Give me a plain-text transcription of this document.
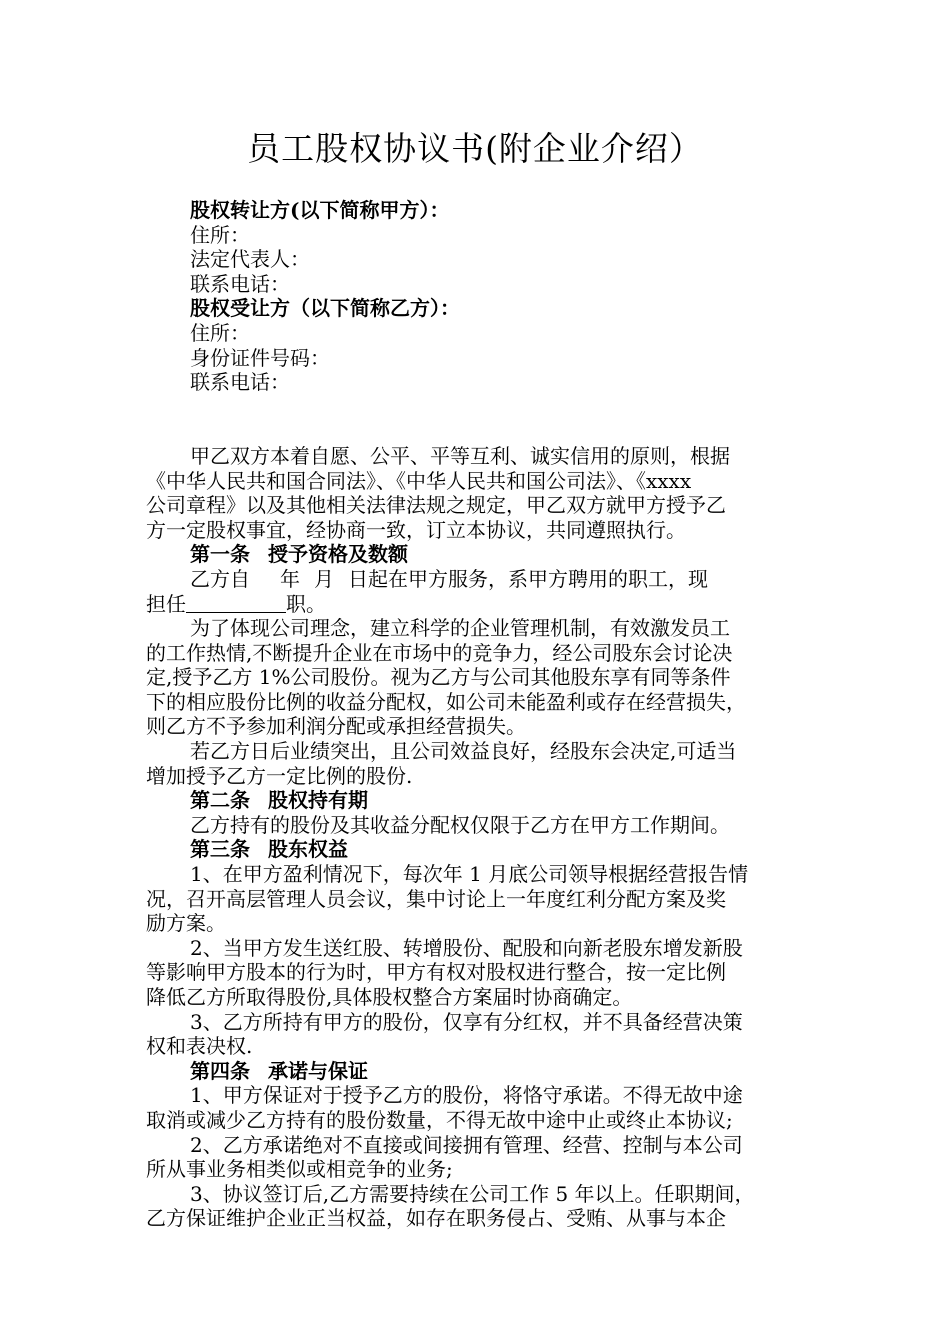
员工股权协议书(附企业介绍）
股权转让方(以下简称甲方）：
住所：
法定代表人：
联系电话：
股权受让方（以下简称乙方）：
住所：
身份证件号码：
联系电话：
甲乙双方本着自愿、公平、平等互利、诚实信用的原则，根据
《中华人民共和国合同法》、《中华人民共和国公司法》、《xxxx
公司章程》以及其他相关法律法规之规定，甲乙双方就甲方授予乙
方一定股权事宜，经协商一致，订立本协议，共同遵照执行。
第一条 授予资格及数额
乙方自 年 月 日起在甲方服务，系甲方聘用的职工，现
担任	职。
为了体现公司理念，建立科学的企业管理机制，有效激发员工
的工作热情,不断提升企业在市场中的竞争力，经公司股东会讨论决
定,授予乙方 1%公司股份。视为乙方与公司其他股东享有同等条件
下的相应股份比例的收益分配权，如公司未能盈利或存在经营损失，
则乙方不予参加利润分配或承担经营损失。
若乙方日后业绩突出，且公司效益良好，经股东会决定,可适当
增加授予乙方一定比例的股份.
第二条 股权持有期
乙方持有的股份及其收益分配权仅限于乙方在甲方工作期间。
第三条 股东权益
1、在甲方盈利情况下，每次年 1 月底公司领导根据经营报告情
况，召开高层管理人员会议，集中讨论上一年度红利分配方案及奖
励方案。
2、当甲方发生送红股、转增股份、配股和向新老股东增发新股
等影响甲方股本的行为时，甲方有权对股权进行整合，按一定比例
降低乙方所取得股份,具体股权整合方案届时协商确定。
3、乙方所持有甲方的股份，仅享有分红权，并不具备经营决策
权和表决权.
第四条 承诺与保证
1、甲方保证对于授予乙方的股份，将恪守承诺。不得无故中途
取消或减少乙方持有的股份数量，不得无故中途中止或终止本协议;
2、乙方承诺绝对不直接或间接拥有管理、经营、控制与本公司
所从事业务相类似或相竞争的业务;
3、协议签订后,乙方需要持续在公司工作 5 年以上。任职期间，
乙方保证维护企业正当权益，如存在职务侵占、受贿、从事与本企
